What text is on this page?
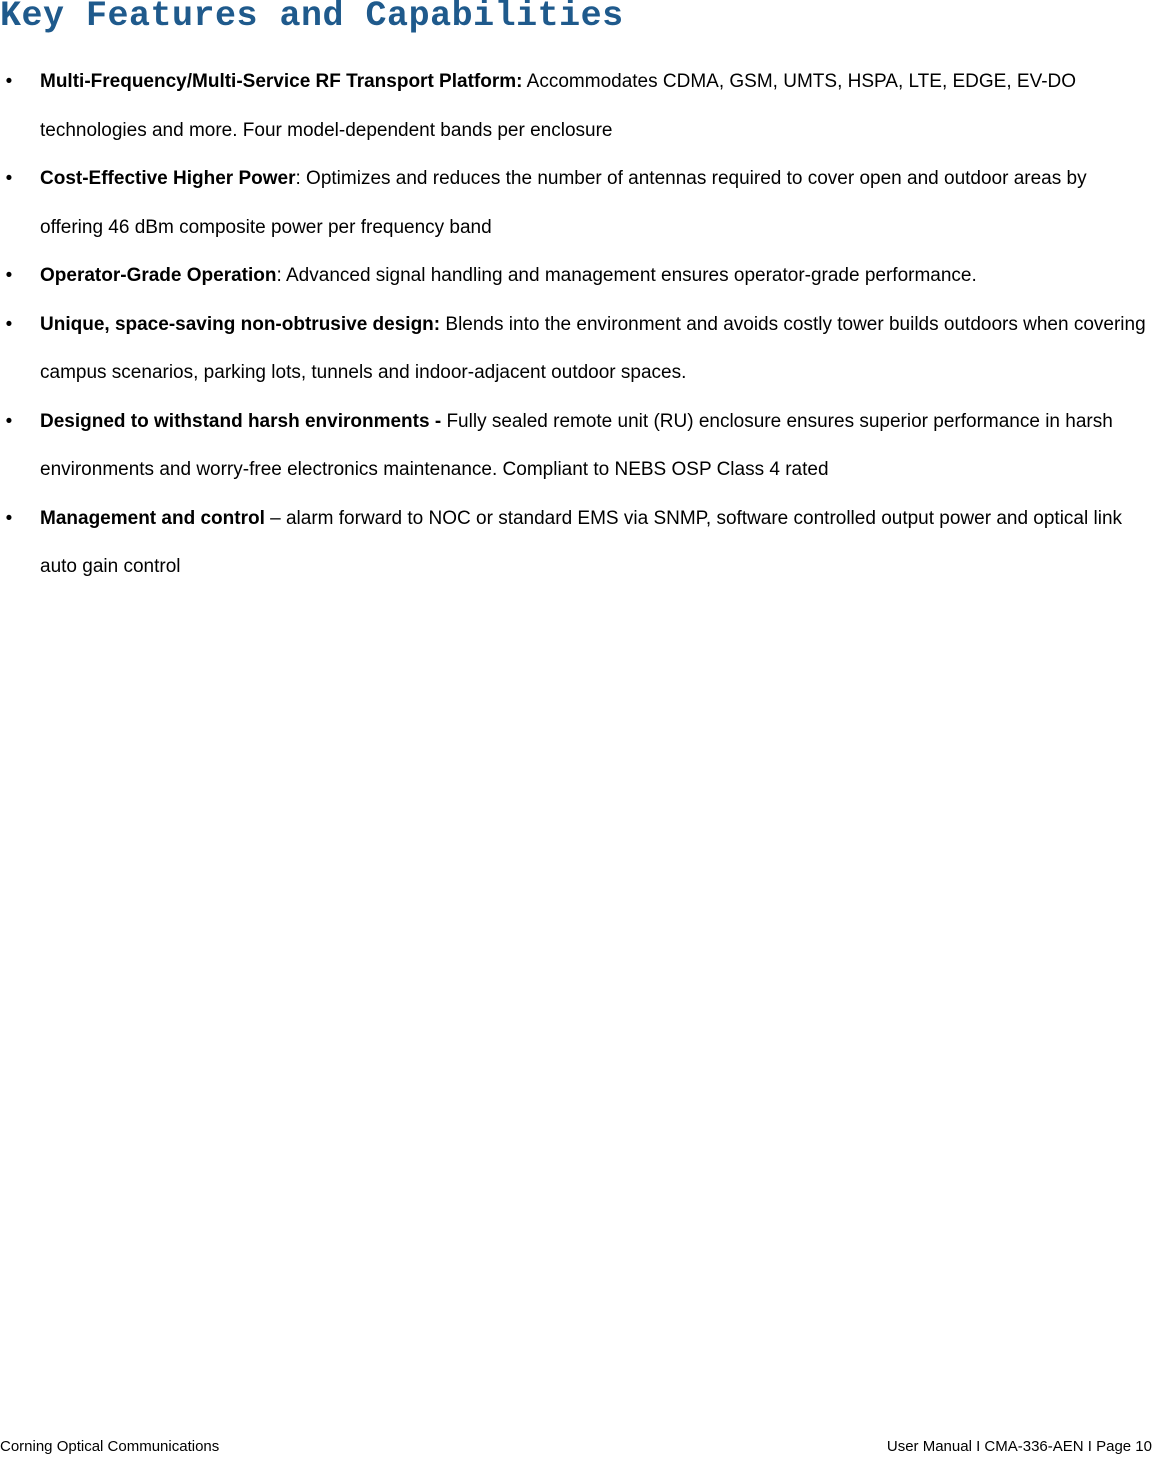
Key Features and Capabilities
• Multi-Frequency/Multi-Service RF Transport Platform: Accommodates CDMA, GSM, UMTS, HSPA, LTE, EDGE, EV-DO technologies and more. Four model-dependent bands per enclosure
• Cost-Effective Higher Power: Optimizes and reduces the number of antennas required to cover open and outdoor areas by offering 46 dBm composite power per frequency band
• Operator-Grade Operation: Advanced signal handling and management ensures operator-grade performance.
• Unique, space-saving non-obtrusive design: Blends into the environment and avoids costly tower builds outdoors when covering campus scenarios, parking lots, tunnels and indoor-adjacent outdoor spaces.
• Designed to withstand harsh environments - Fully sealed remote unit (RU) enclosure ensures superior performance in harsh environments and worry-free electronics maintenance. Compliant to NEBS OSP Class 4 rated
• Management and control – alarm forward to NOC or standard EMS via SNMP, software controlled output power and optical link auto gain control
Corning Optical Communications	User Manual I CMA-336-AEN I Page 10
